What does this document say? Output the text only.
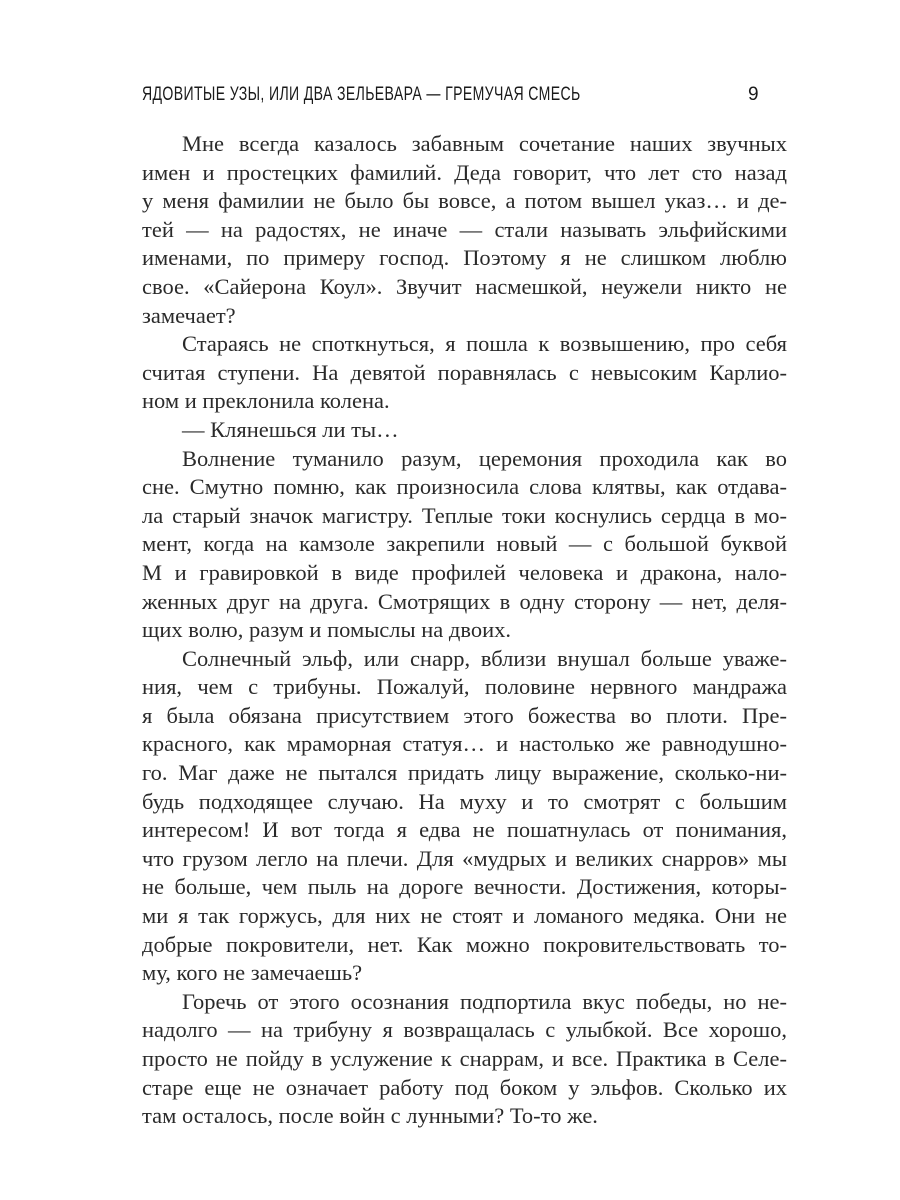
ЯДОВИТЫЕ УЗЫ, ИЛИ ДВА ЗЕЛЬЕВАРА — ГРЕМУЧАЯ СМЕСЬ	9
Мне всегда казалось забавным сочетание наших звучных
имен и простецких фамилий. Деда говорит, что лет сто назад
у меня фамилии не было бы вовсе, а потом вышел указ… и де-
тей — на радостях, не иначе — стали называть эльфийскими
именами, по примеру господ. Поэтому я не слишком люблю
свое. «Сайерона Коул». Звучит насмешкой, неужели никто не
замечает?
Стараясь не споткнуться, я пошла к возвышению, про себя
считая ступени. На девятой поравнялась с невысоким Карлио-
ном и преклонила колена.
— Клянешься ли ты…
Волнение туманило разум, церемония проходила как во
сне. Смутно помню, как произносила слова клятвы, как отдава-
ла старый значок магистру. Теплые токи коснулись сердца в мо-
мент, когда на камзоле закрепили новый — с большой буквой
М и гравировкой в виде профилей человека и дракона, нало-
женных друг на друга. Смотрящих в одну сторону — нет, деля-
щих волю, разум и помыслы на двоих.
Солнечный эльф, или снарр, вблизи внушал больше уваже-
ния, чем с трибуны. Пожалуй, половине нервного мандража
я была обязана присутствием этого божества во плоти. Пре-
красного, как мраморная статуя… и настолько же равнодушно-
го. Маг даже не пытался придать лицу выражение, сколько-ни-
будь подходящее случаю. На муху и то смотрят с большим
интересом! И вот тогда я едва не пошатнулась от понимания,
что грузом легло на плечи. Для «мудрых и великих снарров» мы
не больше, чем пыль на дороге вечности. Достижения, которы-
ми я так горжусь, для них не стоят и ломаного медяка. Они не
добрые покровители, нет. Как можно покровительствовать то-
му, кого не замечаешь?
Горечь от этого осознания подпортила вкус победы, но не-
надолго — на трибуну я возвращалась с улыбкой. Все хорошо,
просто не пойду в услужение к снаррам, и все. Практика в Селе-
старе еще не означает работу под боком у эльфов. Сколько их
там осталось, после войн с лунными? То-то же.
